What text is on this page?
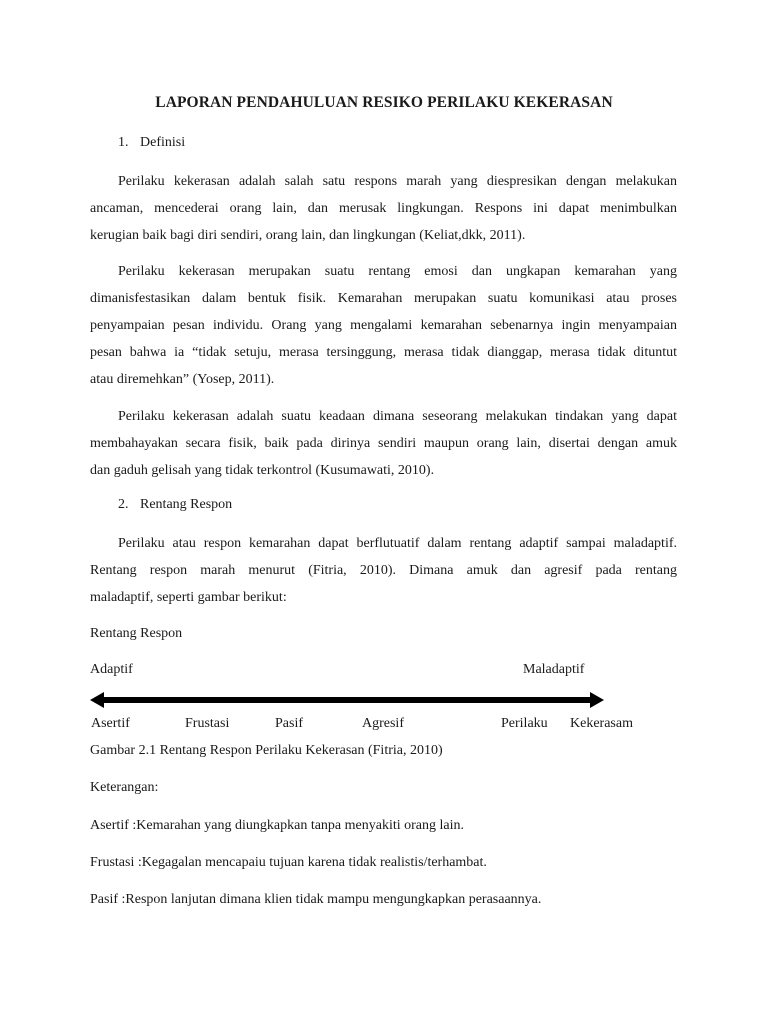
LAPORAN PENDAHULUAN RESIKO PERILAKU KEKERASAN

1. Definisi

Perilaku kekerasan adalah salah satu respons marah yang diespresikan dengan melakukan
ancaman, mencederai orang lain, dan merusak lingkungan. Respons ini dapat menimbulkan
kerugian baik bagi diri sendiri, orang lain, dan lingkungan (Keliat,dkk, 2011).
Perilaku kekerasan merupakan suatu rentang emosi dan ungkapan kemarahan yang
dimanisfestasikan dalam bentuk fisik. Kemarahan merupakan suatu komunikasi atau proses
penyampaian pesan individu. Orang yang mengalami kemarahan sebenarnya ingin menyampaian
pesan bahwa ia “tidak setuju, merasa tersinggung, merasa tidak dianggap, merasa tidak dituntut
atau diremehkan” (Yosep, 2011).
Perilaku kekerasan adalah suatu keadaan dimana seseorang melakukan tindakan yang dapat
membahayakan secara fisik, baik pada dirinya sendiri maupun orang lain, disertai dengan amuk
dan gaduh gelisah yang tidak terkontrol (Kusumawati, 2010).

2. Rentang Respon

Perilaku atau respon kemarahan dapat berflutuatif dalam rentang adaptif sampai maladaptif.
Rentang respon marah menurut (Fitria, 2010). Dimana amuk dan agresif pada rentang
maladaptif, seperti gambar berikut:

Rentang Respon

Adaptif	Maladaptif

Asertif	Frustasi	Pasif	Agresif	Perilaku Kekerasam

Gambar 2.1 Rentang Respon Perilaku Kekerasan (Fitria, 2010)

Keterangan:

Asertif :Kemarahan yang diungkapkan tanpa menyakiti orang lain.

Frustasi :Kegagalan mencapaiu tujuan karena tidak realistis/terhambat.

Pasif :Respon lanjutan dimana klien tidak mampu mengungkapkan perasaannya.
